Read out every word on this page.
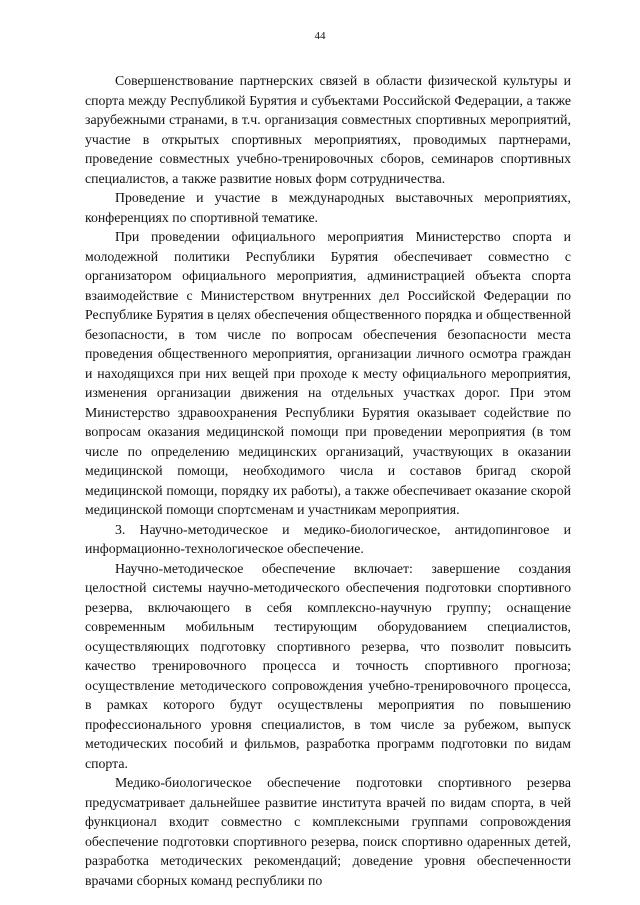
44

Совершенствование партнерских связей в области физической культуры и спорта между Республикой Бурятия и субъектами Российской Федерации, а также зарубежными странами, в т.ч. организация совместных спортивных мероприятий, участие в открытых спортивных мероприятиях, проводимых партнерами, проведение совместных учебно-тренировочных сборов, семинаров спортивных специалистов, а также развитие новых форм сотрудничества.

Проведение и участие в международных выставочных мероприятиях, конференциях по спортивной тематике.

При проведении официального мероприятия Министерство спорта и молодежной политики Республики Бурятия обеспечивает совместно с организатором официального мероприятия, администрацией объекта спорта взаимодействие с Министерством внутренних дел Российской Федерации по Республике Бурятия в целях обеспечения общественного порядка и общественной безопасности, в том числе по вопросам обеспечения безопасности места проведения общественного мероприятия, организации личного осмотра граждан и находящихся при них вещей при проходе к месту официального мероприятия, изменения организации движения на отдельных участках дорог. При этом Министерство здравоохранения Республики Бурятия оказывает содействие по вопросам оказания медицинской помощи при проведении мероприятия (в том числе по определению медицинских организаций, участвующих в оказании медицинской помощи, необходимого числа и составов бригад скорой медицинской помощи, порядку их работы), а также обеспечивает оказание скорой медицинской помощи спортсменам и участникам мероприятия.

3. Научно-методическое и медико-биологическое, антидопинговое и информационно-технологическое обеспечение.

Научно-методическое обеспечение включает: завершение создания целостной системы научно-методического обеспечения подготовки спортивного резерва, включающего в себя комплексно-научную группу; оснащение современным мобильным тестирующим оборудованием специалистов, осуществляющих подготовку спортивного резерва, что позволит повысить качество тренировочного процесса и точность спортивного прогноза; осуществление методического сопровождения учебно-тренировочного процесса, в рамках которого будут осуществлены мероприятия по повышению профессионального уровня специалистов, в том числе за рубежом, выпуск методических пособий и фильмов, разработка программ подготовки по видам спорта.

Медико-биологическое обеспечение подготовки спортивного резерва предусматривает дальнейшее развитие института врачей по видам спорта, в чей функционал входит совместно с комплексными группами сопровождения обеспечение подготовки спортивного резерва, поиск спортивно одаренных детей, разработка методических рекомендаций; доведение уровня обеспеченности врачами сборных команд республики по
